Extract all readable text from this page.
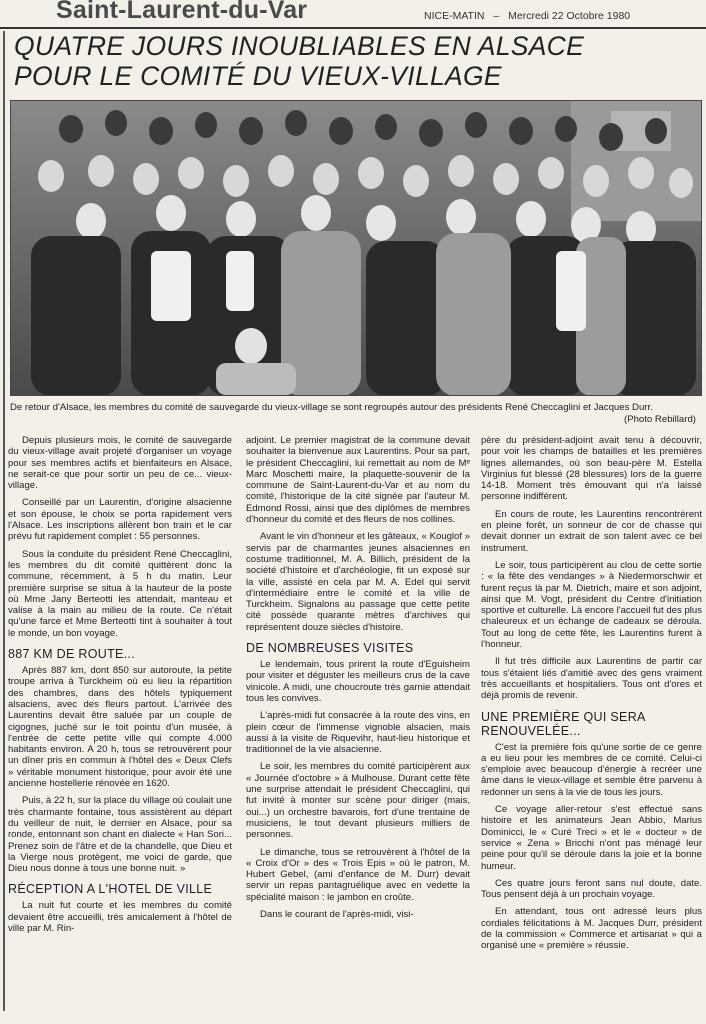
Saint-Laurent-du-Var	NICE-MATIN – Mercredi 22 Octobre 1980
QUATRE JOURS INOUBLIABLES EN ALSACE
POUR LE COMITÉ DU VIEUX-VILLAGE
De retour d'Alsace, les membres du comité de sauvegarde du vieux-village se sont regroupés autour des présidents René Checcaglini et Jacques Durr.
(Photo Rebillard)

Depuis plusieurs mois, le comité de sauvegarde du vieux-village avait projeté d'organiser un voyage pour ses membres actifs et bienfaiteurs en Alsace, ne serait-ce que pour sortir un peu de ce... vieux-village.

Conseillé par un Laurentin, d'origine alsacienne et son épouse, le choix se porta rapidement vers l'Alsace. Les inscriptions allèrent bon train et le car prévu fut rapidement complet : 55 personnes.

Sous la conduite du président René Checcaglini, les membres du dit comité quittèrent donc la commune, récemment, à 5 h du matin. Leur première surprise se situa à la hauteur de la poste où Mme Jany Berteotti les attendait, manteau et valise à la main au milieu de la route. Ce n'était qu'une farce et Mme Berteotti tint à souhaiter à tout le monde, un bon voyage.

887 KM DE ROUTE...

Après 887 km, dont 850 sur autoroute, la petite troupe arriva à Turckheim où eu lieu la répartition des chambres, dans des hôtels typiquement alsaciens, avec des fleurs partout. L'arrivée des Laurentins devait être saluée par un couple de cigognes, juché sur le toit pointu d'un musée, à l'entrée de cette petite ville qui compte 4.000 habitants environ. A 20 h, tous se retrouvèrent pour un dîner pris en commun à l'hôtel des « Deux Clefs » véritable monument historique, pour avoir été une ancienne hostellerie rénovée en 1620.

Puis, à 22 h, sur la place du village où coulait une très charmante fontaine, tous assistèrent au départ du veilleur de nuit, le dernier en Alsace, pour sa ronde, entonnant son chant en dialecte « Han Sori... Prenez soin de l'âtre et de la chandelle, que Dieu et la Vierge nous protègent, me voici de garde, que Dieu nous donne à tous une bonne nuit. »

RÉCEPTION A L'HOTEL DE VILLE

La nuit fut courte et les membres du comité devaient être accueilli, très amicalement à l'hôtel de ville par M. Rin-

adjoint. Le premier magistrat de la commune devait souhaiter la bienvenue aux Laurentins. Pour sa part, le président Checcaglini, lui remettait au nom de Mᵉ Marc Moschetti maire, la plaquette-souvenir de la commune de Saint-Laurent-du-Var et au nom du comité, l'historique de la cité signée par l'auteur M. Edmond Rossi, ainsi que des diplômes de membres d'honneur du comité et des fleurs de nos collines.

Avant le vin d'honneur et les gâteaux, « Kouglof » servis par de charmantes jeunes alsaciennes en costume traditionnel, M. A. Billich, président de la société d'histoire et d'archéologie, fit un exposé sur la ville, assisté en cela par M. A. Edel qui servit d'intermédiaire entre le comité et la ville de Turckheim. Signalons au passage que cette petite cité possède quarante mètres d'archives qui représentent douze siècles d'histoire.

DE NOMBREUSES VISITES

Le lendemain, tous prirent la route d'Eguisheim pour visiter et déguster les meilleurs crus de la cave vinicole. A midi, une choucroute très garnie attendait tous les convives.

L'après-midi fut consacrée à la route des vins, en plein cœur de l'immense vignoble alsacien, mais aussi à la visite de Riquevihr, haut-lieu historique et traditionnel de la vie alsacienne.

Le soir, les membres du comité participèrent aux « Journée d'octobre » à Mulhouse. Durant cette fête une surprise attendait le président Checcaglini, qui fut invité à monter sur scène pour diriger (mais, oui...) un orchestre bavarois, fort d'une trentaine de musiciens, le tout devant plusieurs milliers de personnes.

Le dimanche, tous se retrouvèrent à l'hôtel de la « Croix d'Or » des « Trois Epis » où le patron, M. Hubert Gebel, (ami d'enfance de M. Durr) devait servir un repas pantagruélique avec en vedette la spécialité maison : le jambon en croûte.

Dans le courant de l'après-midi, visi-

père du président-adjoint avait tenu à découvrir, pour voir les champs de batailles et les premières lignes allemandes, où son beau-père M. Estella Virginius fut blessé (28 blessures) lors de la guerre 14-18. Moment très émouvant qui n'a laissé personne indifférent.

En cours de route, les Laurentins rencontrèrent en pleine forêt, un sonneur de cor de chasse qui devait donner un extrait de son talent avec ce bel instrument.

Le soir, tous participèrent au clou de cette sortie : « la fête des vendanges » à Niedermorschwir et furent reçus là par M. Dietrich, maire et son adjoint, ainsi que M. Vogt, président du Centre d'initiation sportive et culturelle. Là encore l'accueil fut des plus chaleureux et un échange de cadeaux se déroula. Tout au long de cette fête, les Laurentins furent à l'honneur.

Il fut très difficile aux Laurentins de partir car tous s'étaient liés d'amitié avec des gens vraiment très accueillants et hospitaliers. Tous ont d'ores et déjà promis de revenir.

UNE PREMIÈRE QUI SERA RENOUVELÉE...

C'est la première fois qu'une sortie de ce genre a eu lieu pour les membres de ce comité. Celui-ci s'emploie avec beaucoup d'énergie à recréer une âme dans le vieux-village et semble être parvenu à redonner un sens à la vie de tous les jours.

Ce voyage aller-retour s'est effectué sans histoire et les animateurs Jean Abbio, Marius Dominicci, le « Curé Treci » et le « docteur » de service « Zena » Bricchi n'ont pas ménagé leur peine pour qu'il se déroule dans la joie et la bonne humeur.

Ces quatre jours feront sans nul doute, date. Tous pensent déjà à un prochain voyage.

En attendant, tous ont adressé leurs plus cordiales félicitations à M. Jacques Durr, président de la commission « Commerce et artisanat » qui a organisé une « première » réussie.
